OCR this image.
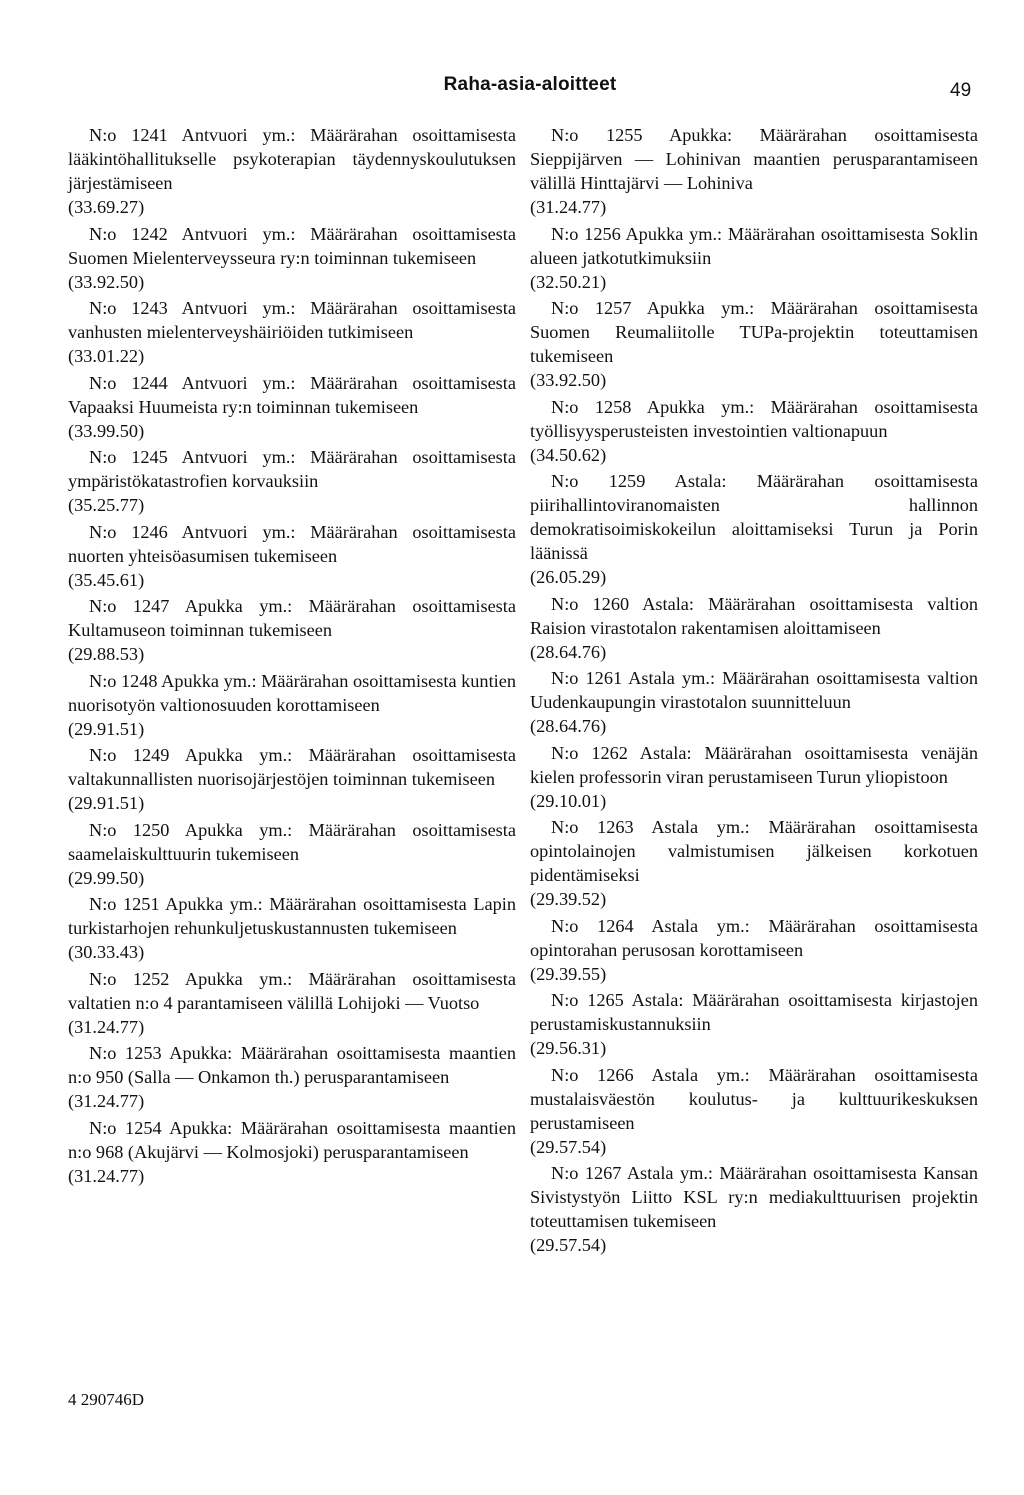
Raha-asia-aloitteet	49
N:o 1241 Antvuori ym.: Määrärahan osoittamisesta lääkintöhallitukselle psykoterapian täydennyskoulutuksen järjestämiseen
(33.69.27)
N:o 1242 Antvuori ym.: Määrärahan osoittamisesta Suomen Mielenterveysseura ry:n toiminnan tukemiseen
(33.92.50)
N:o 1243 Antvuori ym.: Määrärahan osoittamisesta vanhusten mielenterveyshäiriöiden tutkimiseen
(33.01.22)
N:o 1244 Antvuori ym.: Määrärahan osoittamisesta Vapaaksi Huumeista ry:n toiminnan tukemiseen
(33.99.50)
N:o 1245 Antvuori ym.: Määrärahan osoittamisesta ympäristökatastrofien korvauksiin
(35.25.77)
N:o 1246 Antvuori ym.: Määrärahan osoittamisesta nuorten yhteisöasumisen tukemiseen
(35.45.61)
N:o 1247 Apukka ym.: Määrärahan osoittamisesta Kultamuseon toiminnan tukemiseen
(29.88.53)
N:o 1248 Apukka ym.: Määrärahan osoittamisesta kuntien nuorisotyön valtionosuuden korottamiseen
(29.91.51)
N:o 1249 Apukka ym.: Määrärahan osoittamisesta valtakunnallisten nuorisojärjestöjen toiminnan tukemiseen
(29.91.51)
N:o 1250 Apukka ym.: Määrärahan osoittamisesta saamelaiskulttuurin tukemiseen
(29.99.50)
N:o 1251 Apukka ym.: Määrärahan osoittamisesta Lapin turkistarhojen rehunkuljetuskustannusten tukemiseen
(30.33.43)
N:o 1252 Apukka ym.: Määrärahan osoittamisesta valtatien n:o 4 parantamiseen välillä Lohijoki — Vuotso
(31.24.77)
N:o 1253 Apukka: Määrärahan osoittamisesta maantien n:o 950 (Salla — Onkamon th.) perusparantamiseen
(31.24.77)
N:o 1254 Apukka: Määrärahan osoittamisesta maantien n:o 968 (Akujärvi — Kolmosjoki) perusparantamiseen
(31.24.77)
N:o 1255 Apukka: Määrärahan osoittamisesta Sieppijärven — Lohinivan maantien perusparantamiseen välillä Hinttajärvi — Lohiniva
(31.24.77)
N:o 1256 Apukka ym.: Määrärahan osoittamisesta Soklin alueen jatkotutkimuksiin
(32.50.21)
N:o 1257 Apukka ym.: Määrärahan osoittamisesta Suomen Reumaliitolle TUPa-projektin toteuttamisen tukemiseen
(33.92.50)
N:o 1258 Apukka ym.: Määrärahan osoittamisesta työllisyysperusteisten investointien valtionapuun
(34.50.62)
N:o 1259 Astala: Määrärahan osoittamisesta piirihallintoviranomaisten hallinnon demokratisoimiskokeilun aloittamiseksi Turun ja Porin läänissä
(26.05.29)
N:o 1260 Astala: Määrärahan osoittamisesta valtion Raision virastotalon rakentamisen aloittamiseen
(28.64.76)
N:o 1261 Astala ym.: Määrärahan osoittamisesta valtion Uudenkaupungin virastotalon suunnitteluun
(28.64.76)
N:o 1262 Astala: Määrärahan osoittamisesta venäjän kielen professorin viran perustamiseen Turun yliopistoon
(29.10.01)
N:o 1263 Astala ym.: Määrärahan osoittamisesta opintolainojen valmistumisen jälkeisen korkotuen pidentämiseksi
(29.39.52)
N:o 1264 Astala ym.: Määrärahan osoittamisesta opintorahan perusosan korottamiseen
(29.39.55)
N:o 1265 Astala: Määrärahan osoittamisesta kirjastojen perustamiskustannuksiin
(29.56.31)
N:o 1266 Astala ym.: Määrärahan osoittamisesta mustalaisväestön koulutus- ja kulttuurikeskuksen perustamiseen
(29.57.54)
N:o 1267 Astala ym.: Määrärahan osoittamisesta Kansan Sivistystyön Liitto KSL ry:n mediakulttuurisen projektin toteuttamisen tukemiseen
(29.57.54)
4 290746D
